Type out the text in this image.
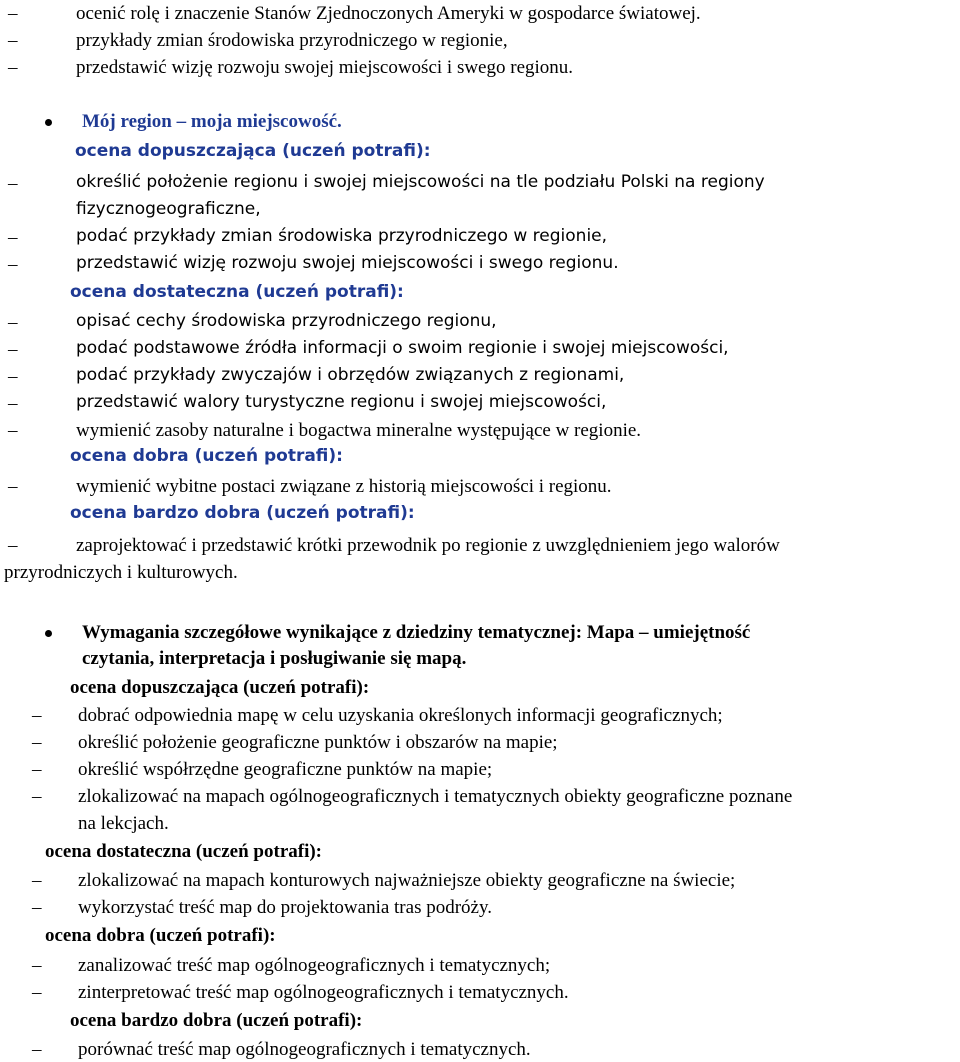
–	ocenić rolę i znaczenie Stanów Zjednoczonych Ameryki w gospodarce światowej.
–	przykłady zmian środowiska przyrodniczego w regionie,
–	przedstawić wizję rozwoju swojej miejscowości i swego regionu.
Mój region – moja miejscowość.
ocena dopuszczająca (uczeń potrafi):
–	określić położenie regionu i swojej miejscowości na tle podziału Polski na regiony
fizycznogeograficzne,
–	podać przykłady zmian środowiska przyrodniczego w regionie,
–	przedstawić wizję rozwoju swojej miejscowości i swego regionu.
ocena dostateczna (uczeń potrafi):
–	opisać cechy środowiska przyrodniczego regionu,
–	podać podstawowe źródła informacji o swoim regionie i swojej miejscowości,
–	podać przykłady zwyczajów i obrzędów związanych z regionami,
–	przedstawić walory turystyczne regionu i swojej miejscowości,
–	wymienić zasoby naturalne i bogactwa mineralne występujące w regionie.
ocena dobra (uczeń potrafi):
–	wymienić wybitne postaci związane z historią miejscowości i regionu.
ocena bardzo dobra (uczeń potrafi):
–	zaprojektować i przedstawić krótki przewodnik po regionie z uwzględnieniem jego walorów
przyrodniczych i kulturowych.
Wymagania szczegółowe wynikające z dziedziny tematycznej: Mapa – umiejętność
czytania, interpretacja i posługiwanie się mapą.
ocena dopuszczająca (uczeń potrafi):
– dobrać odpowiednia mapę w celu uzyskania określonych informacji geograficznych;
– określić położenie geograficzne punktów i obszarów na mapie;
– określić współrzędne geograficzne punktów na mapie;
– zlokalizować na mapach ogólnogeograficznych i tematycznych obiekty geograficzne poznane
na lekcjach.
ocena dostateczna (uczeń potrafi):
– zlokalizować na mapach konturowych najważniejsze obiekty geograficzne na świecie;
– wykorzystać treść map do projektowania tras podróży.
ocena dobra (uczeń potrafi):
– zanalizować treść map ogólnogeograficznych i tematycznych;
– zinterpretować treść map ogólnogeograficznych i tematycznych.
ocena bardzo dobra (uczeń potrafi):
– porównać treść map ogólnogeograficznych i tematycznych.
